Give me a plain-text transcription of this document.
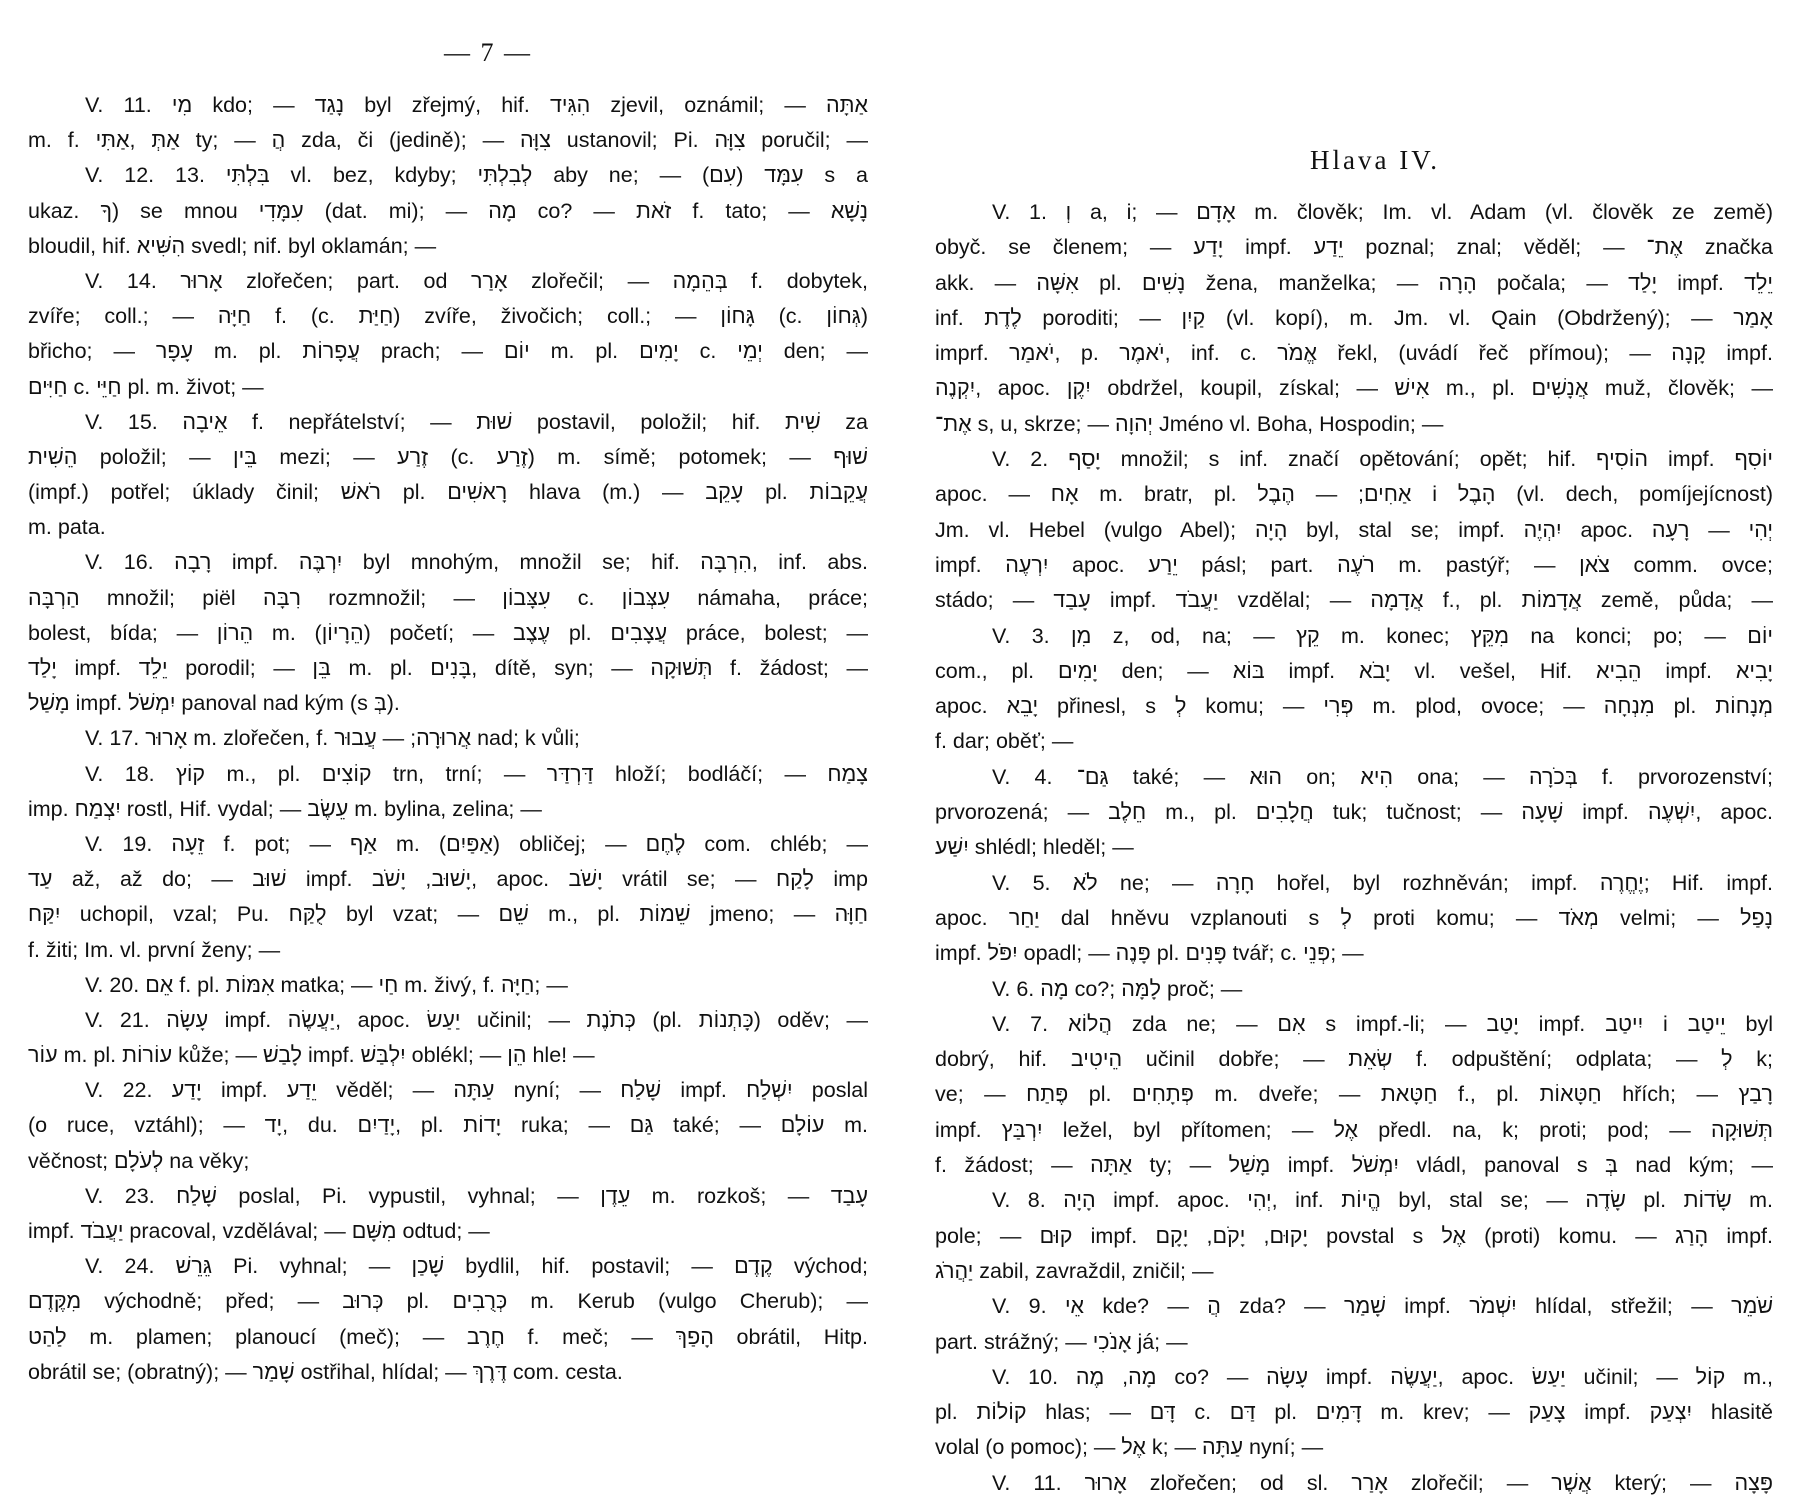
— 7 —
Hlava IV.
V. 11. מִי kdo; — נָגַד byl zřejmý, hif. הִגִּיד zjevil, oznámil; — אַתָּה
m. f. אַתְּ ,אַתִּי ty; — הֲ zda, či (jedině); — צִוָּה ustanovil; Pi. צִוָּה poručil; —
V. 12. 13. בִּלְתִּי vl. bez, kdyby; לְבִלְתִּי aby ne; — עִמָּד (עִם) s a
ukaz. ךָ) se mnou עִמָּדִי (dat. mi); — מָה co? — זֹאת f. tato; — נָשָׁא
bloudil, hif. הִשִּׁיא svedl; nif. byl oklamán; —
V. 14. אָרוּר zlořečen; part. od אָרַר zlořečil; — בְּהֵמָה f. dobytek,
zvíře; coll.; — חַיָּה f. (c. חַיַּת) zvíře, živočich; coll.; — גָּחוֹן (c. גְּחוֹן)
břicho; — עָפָר m. pl. עֲפָרוֹת prach; — יוֹם m. pl. יָמִים c. יְמֵי den; —
חַיִּים c. חַיֵּי pl. m. život; —
V. 15. אֵיבָה f. nepřátelství; — שׁוּת postavil, položil; hif. שִׁית za
הֵשִׁית položil; — בֵּין mezi; — זֶרַע (c. זֶרַע) m. símě; potomek; — שׁוּף
(impf.) potřel; úklady činil; רֹאשׁ pl. רָאשִׁים hlava (m.) — עָקֵב pl. עֲקֵבוֹת
m. pata.
V. 16. רָבָה impf. יִרְבֶּה byl mnohým, množil se; hif. הִרְבָּה, inf. abs.
הַרְבָּה množil; piël רִבָּה rozmnožil; — עִצָּבוֹן c. עִצְּבוֹן námaha, práce;
bolest, bída; — הֵרוֹן m. (הֵרָיוֹן) početí; — עֶצֶב pl. עֲצָבִים práce, bolest; —
יָלַד impf. יֵלֵד porodil; — בֵּן m. pl. בָּנִים, dítě, syn; — תְּשׁוּקָה f. žádost; —
מָשַׁל impf. יִמְשֹׁל panoval nad kým (s בְּ).
V. 17. אָרוּר m. zlořečen, f. אֲרוּרָה; — עֲבוּר nad; k vůli;
V. 18. קוֹץ m., pl. קוֹצִים trn, trní; — דַּרְדַּר hloží; bodláčí; — צָמַח
imp. יִצְמַח rostl, Hif. vydal; — עֵשֶׂב m. bylina, zelina; —
V. 19. זֵעָה f. pot; — אַף m. (אַפַּיִם) obličej; — לֶחֶם com. chléb; —
עַד až, až do; — שׁוּב impf. יָשׁוּב, יָשֹׁב, apoc. יָשֹׁב vrátil se; — לָקַח imp
יִקַּח uchopil, vzal; Pu. לֻקַּח byl vzat; — שֵׁם m., pl. שֵׁמוֹת jmeno; — חַוָּה
f. žiti; Im. vl. první ženy; —
V. 20. אֵם f. pl. אִמּוֹת matka; — חַי m. živý, f. חַיָּה; —
V. 21. עָשָׂה impf. יַעֲשֶׂה, apoc. יַעַשׂ učinil; — כְּתֹנֶת (pl. כָּתְנוֹת) oděv; —
עוֹר m. pl. עוֹרוֹת kůže; — לָבַשׁ impf. יִלְבַּשׁ oblékl; — הֵן hle! —
V. 22. יָדַע impf. יֵדַע věděl; — עַתָּה nyní; — שָׁלַח impf. יִשְׁלַח poslal
(o ruce, vztáhl); — יָד, du. יָדַיִם, pl. יָדוֹת ruka; — גַּם také; — עוֹלָם m.
věčnost; לְעֹלָם na věky;
V. 23. שָׁלַח poslal, Pi. vypustil, vyhnal; — עֵדֶן m. rozkoš; — עָבַד
impf. יַעֲבֹד pracoval, vzdělával; — מִשָּׁם odtud; —
V. 24. גֵּרֵשׁ Pi. vyhnal; — שָׁכַן bydlil, hif. postavil; — קֶדֶם východ;
מִקֶּדֶם východně; před; — כְּרוּב pl. כְּרֻבִים m. Kerub (vulgo Cherub); —
לַהַט m. plamen; planoucí (meč); — חֶרֶב f. meč; — הָפַךְ obrátil, Hitp.
obrátil se; (obratný); — שָׁמַר ostřihal, hlídal; — דֶּרֶךְ com. cesta.
V. 1. וְ a, i; — אָדָם m. člověk; Im. vl. Adam (vl. člověk ze země)
obyč. se členem; — יָדַע impf. יֵדַע poznal; znal; věděl; — אֶת־ značka
akk. — אִשָּׁה pl. נָשִׁים žena, manželka; — הָרָה počala; — יָלַד impf. יֵלֵד
inf. לֶדֶת poroditi; — קַיִן (vl. kopí), m. Jm. vl. Qain (Obdržený); — אָמַר
imprf. יֹאמַר, p. יֹאמֶר, inf. c. אֱמֹר řekl, (uvádí řeč přímou); — קָנָה impf.
יִקְנֶה, apoc. יִקֶן obdržel, koupil, získal; — אִישׁ m., pl. אֲנָשִׁים muž, člověk; —
אֶת־ s, u, skrze; — יְהוָה Jméno vl. Boha, Hospodin; —
V. 2. יָסַף množil; s inf. značí opětování; opět; hif. הוֹסִיף impf. יוֹסִף
apoc. — אָח m. bratr, pl. אַחִים; — הֶבֶל i הָבֶל (vl. dech, pomíjejícnost)
Jm. vl. Hebel (vulgo Abel); הָיָה byl, stal se; impf. יִהְיֶה apoc. יְהִי — רָעָה
impf. יִרְעֶה apoc. יֵרַע pásl; part. רֹעֶה m. pastýř; — צֹאן comm. ovce;
stádo; — עָבַד impf. יַעֲבֹד vzdělal; — אֲדָמָה f., pl. אֲדָמוֹת země, půda; —
V. 3. מִן z, od, na; — קֵץ m. konec; מִקֵּץ na konci; po; — יוֹם
com., pl. יָמִים den; — בּוֹא impf. יָבֹא vl. vešel, Hif. הֵבִיא impf. יָבִיא
apoc. יָבֵא přinesl, s לְ komu; — פְּרִי m. plod, ovoce; — מִנְחָה pl. מְנָחוֹת
f. dar; oběť; —
V. 4. גַּם־ také; — הוּא on; הִיא ona; — בְּכֹרָה f. prvorozenství;
prvorozená; — חֵלֶב m., pl. חֲלָבִים tuk; tučnost; — שָׁעָה impf. יִשְׁעֶה, apoc.
יִשַׁע shlédl; hleděl; —
V. 5. לֹא ne; — חָרָה hořel, byl rozhněván; impf. יֶחֱרֶה; Hif. impf.
apoc. יַחַר dal hněvu vzplanouti s לְ proti komu; — מְאֹד velmi; — נָפַל
impf. יִפֹּל opadl; — פָּנֶה pl. פָּנִים tvář; c. פְּנֵי; —
V. 6. מָה co?; לָמָּה proč; —
V. 7. הֲלוֹא zda ne; — אִם s impf.-li; — יָטַב impf. יִיטַב i יֵיטַב byl
dobrý, hif. הֵיטִיב učinil dobře; — שְׂאֵת f. odpuštění; odplata; — לְ k;
ve; — פֶּתַח pl. פְּתָחִים m. dveře; — חַטָּאת f., pl. חַטָּאוֹת hřích; — רָבַץ
impf. יִרְבַּץ ležel, byl přítomen; — אֶל předl. na, k; proti; pod; — תְּשׁוּקָה
f. žádost; — אַתָּה ty; — מָשַׁל impf. יִמְשֹׁל vládl, panoval s בְּ nad kým; —
V. 8. הָיָה impf. apoc. יְהִי, inf. הֱיוֹת byl, stal se; — שָׂדֶה pl. שָׂדוֹת m.
pole; — קוּם impf. יָקוּם, יָקֹם, יָקָם povstal s אֶל (proti) komu. — הָרַג impf.
יַהֲרֹג zabil, zavraždil, zničil; —
V. 9. אֵי kde? — הֲ zda? — שָׁמַר impf. יִשְׁמֹר hlídal, střežil; — שֹׁמֵר
part. strážný; — אָנֹכִי já; —
V. 10. מָה, מֶה co? — עָשָׂה impf. יַעֲשֶׂה, apoc. יַעַשׂ učinil; — קוֹל m.,
pl. קוֹלוֹת hlas; — דָּם c. דַּם pl. דָּמִים m. krev; — צָעַק impf. יִצְעַק hlasitě
volal (o pomoc); — אֶל k; — עַתָּה nyní; —
V. 11. אָרוּר zlořečen; od sl. אָרַר zlořečil; — אֲשֶׁר který; — פָּצָה
